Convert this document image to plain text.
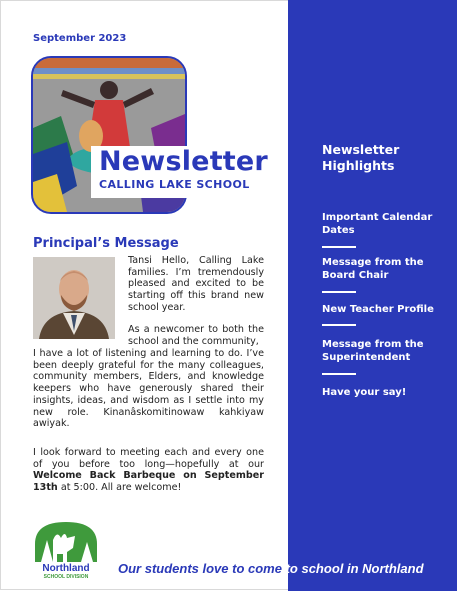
September 2023
Newsletter
CALLING LAKE SCHOOL
Principal’s Message
Tansi Hello, Calling Lake families. I’m tremendously pleased and excited to be starting off this brand new school year.
As a newcomer to both the school and the community,
I have a lot of listening and learning to do. I’ve been deeply grateful for the many colleagues, community members, Elders, and knowledge keepers who have generously shared their insights, ideas, and wisdom as I settle into my new role. Kinanâskomitinowaw kahkiyaw awiyak.
I look forward to meeting each and every one of you before too long—hopefully at our Welcome Back Barbeque on September 13th at 5:00. All are welcome!
Newsletter Highlights
Important Calendar Dates
Message from the Board Chair
New Teacher Profile
Message from the Superintendent
Have your say!
Northland
SCHOOL DIVISION
Our students love to come to school in Northland
